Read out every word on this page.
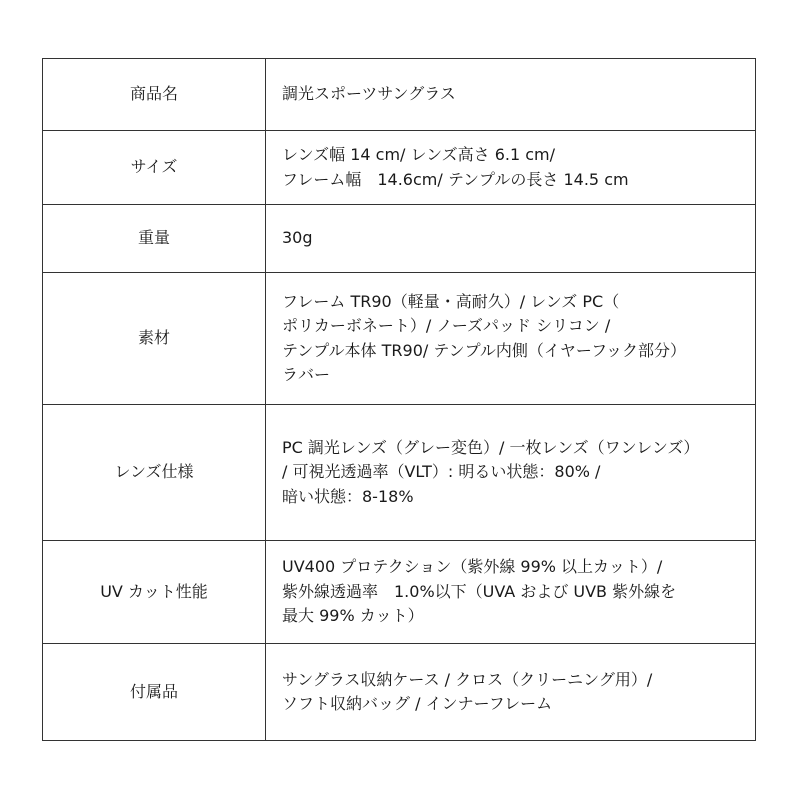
商品名	調光スポーツサングラス

サイズ	レンズ幅 14 cm/ レンズ高さ 6.1 cm/
フレーム幅　14.6cm/ テンプルの長さ 14.5 cm

重量	30g

素材	フレーム TR90（軽量・高耐久）/ レンズ PC（
ポリカーボネート）/ ノーズパッド シリコン /
テンプル本体 TR90/ テンプル内側（イヤーフック部分）
ラバー

レンズ仕様	PC 調光レンズ（グレー変色）/ 一枚レンズ（ワンレンズ）
/ 可視光透過率（VLT）: 明るい状態：80% /
暗い状態：8-18%

UV カット性能	UV400 プロテクション（紫外線 99% 以上カット）/
紫外線透過率　1.0%以下（UVA および UVB 紫外線を
最大 99% カット）

付属品	サングラス収納ケース / クロス（クリーニング用）/
ソフト収納バッグ / インナーフレーム
